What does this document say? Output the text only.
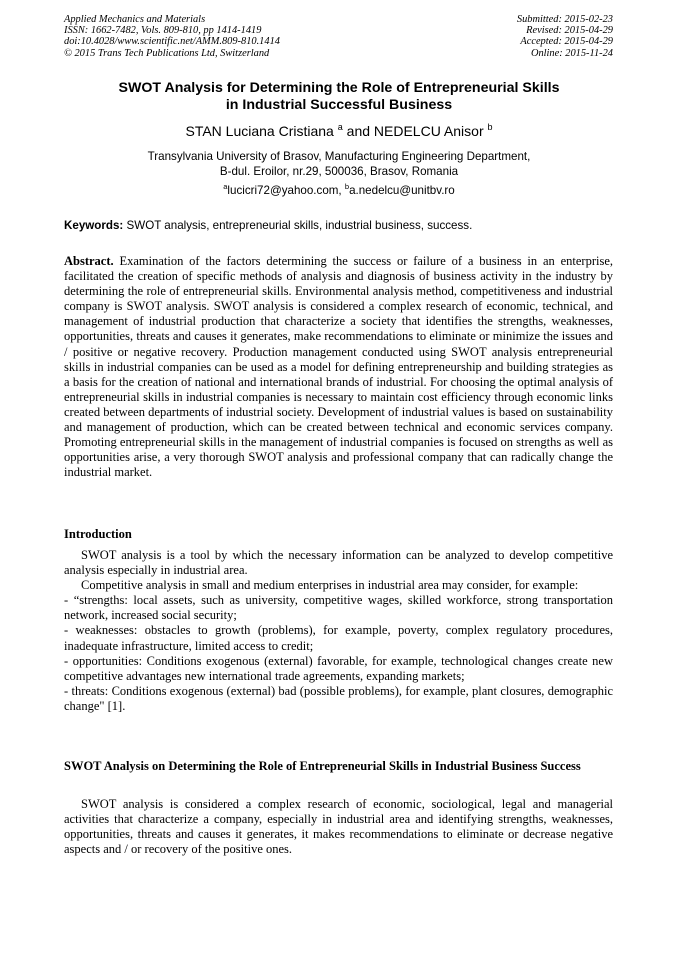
Applied Mechanics and Materials
ISSN: 1662-7482, Vols. 809-810, pp 1414-1419
doi:10.4028/www.scientific.net/AMM.809-810.1414
© 2015 Trans Tech Publications Ltd, Switzerland
Submitted: 2015-02-23
Revised: 2015-04-29
Accepted: 2015-04-29
Online: 2015-11-24
SWOT Analysis for Determining the Role of Entrepreneurial Skills
in Industrial Successful Business
STAN Luciana Cristiana $^a$ and NEDELCU Anisor $^b$
Transylvania University of Brasov, Manufacturing Engineering Department,
B-dul. Eroilor, nr.29, 500036, Brasov, Romania
$^a$lucicri72@yahoo.com, $^b$a.nedelcu@unitbv.ro
Keywords: SWOT analysis, entrepreneurial skills, industrial business, success.

Abstract. Examination of the factors determining the success or failure of a business in an enterprise, facilitated the creation of specific methods of analysis and diagnosis of business activity in the industry by determining the role of entrepreneurial skills. Environmental analysis method, competitiveness and industrial company is SWOT analysis. SWOT analysis is considered a complex research of economic, technical, and management of industrial production that characterize a society that identifies the strengths, weaknesses, opportunities, threats and causes it generates, make recommendations to eliminate or minimize the issues and / positive or negative recovery. Production management conducted using SWOT analysis entrepreneurial skills in industrial companies can be used as a model for defining entrepreneurship and building strategies as a basis for the creation of national and international brands of industrial. For choosing the optimal analysis of entrepreneurial skills in industrial companies is necessary to maintain cost efficiency through economic links created between departments of industrial society. Development of industrial values is based on sustainability and management of production, which can be created between technical and economic services company. Promoting entrepreneurial skills in the management of industrial companies is focused on strengths as well as opportunities arise, a very thorough SWOT analysis and professional company that can radically change the industrial market.

Introduction

SWOT analysis is a tool by which the necessary information can be analyzed to develop competitive analysis especially in industrial area.

Competitive analysis in small and medium enterprises in industrial area may consider, for example:

- “strengths: local assets, such as university, competitive wages, skilled workforce, strong transportation network, increased social security;

- weaknesses: obstacles to growth (problems), for example, poverty, complex regulatory procedures, inadequate infrastructure, limited access to credit;

- opportunities: Conditions exogenous (external) favorable, for example, technological changes create new competitive advantages new international trade agreements, expanding markets;

- threats: Conditions exogenous (external) bad (possible problems), for example, plant closures, demographic change" [1].

SWOT Analysis on Determining the Role of Entrepreneurial Skills in Industrial Business Success

SWOT analysis is considered a complex research of economic, sociological, legal and managerial activities that characterize a company, especially in industrial area and identifying strengths, weaknesses, opportunities, threats and causes it generates, it makes recommendations to eliminate or decrease negative aspects and / or recovery of the positive ones.
